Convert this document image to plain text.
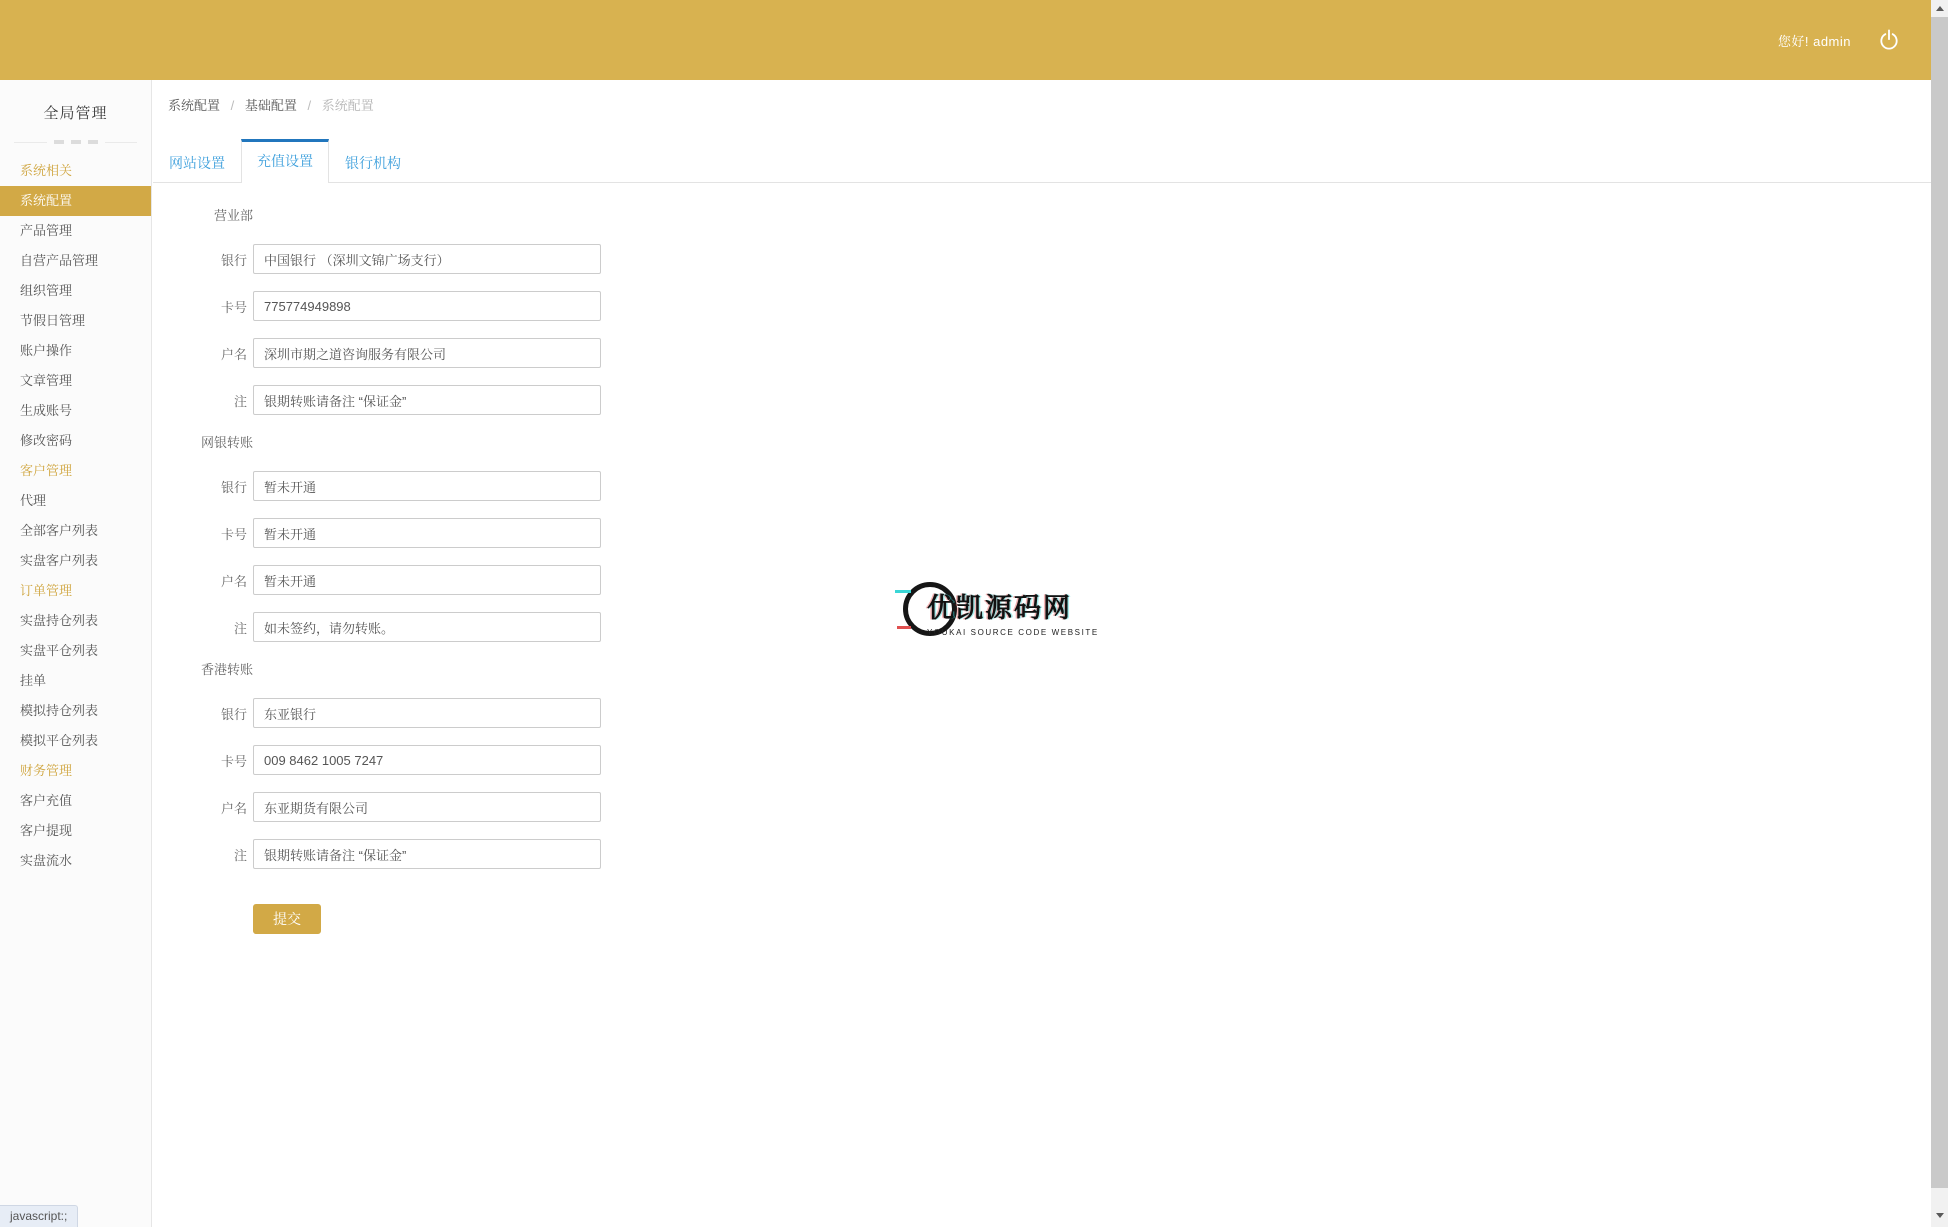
您好! admin
全局管理
系统相关
系统配置
产品管理
自营产品管理
组织管理
节假日管理
账户操作
文章管理
生成账号
修改密码
客户管理
代理
全部客户列表
实盘客户列表
订单管理
实盘持仓列表
实盘平仓列表
挂单
模拟持仓列表
模拟平仓列表
财务管理
客户充值
客户提现
实盘流水
系统配置 / 基础配置 / 系统配置
网站设置	充值设置	银行机构
营业部
银行
中国银行 （深圳文锦广场支行）
卡号
775774949898
户名
深圳市期之道咨询服务有限公司
注
银期转账请备注 “保证金”
网银转账
银行
暂未开通
卡号
暂未开通
户名
暂未开通
注
如未签约，请勿转账。
香港转账
银行
东亚银行
卡号
009 8462 1005 7247
户名
东亚期货有限公司
注
银期转账请备注 “保证金”
提交
优凯源码网
YOUKAI SOURCE CODE WEBSITE
javascript:;
